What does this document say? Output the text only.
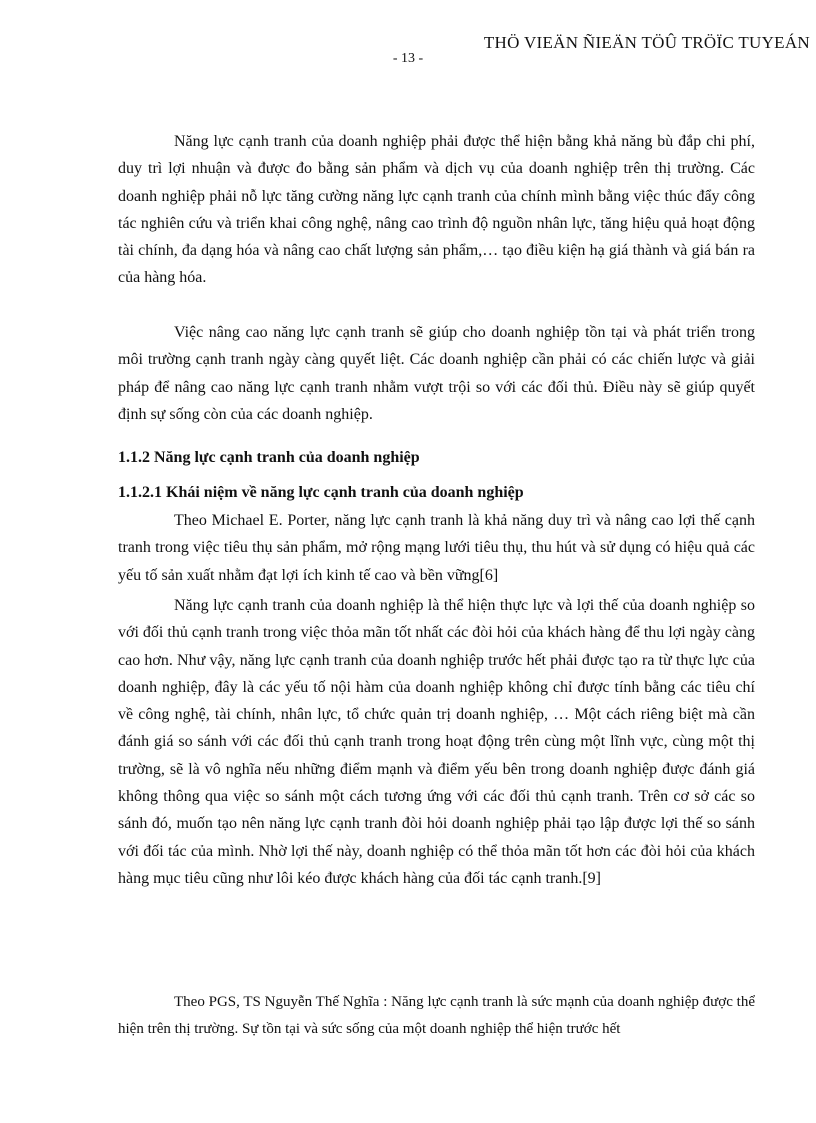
THÖ VIEÄN ÑIEÄN TÖÛ TRÖÏC TUYEÁN
- 13 -

Năng lực cạnh tranh của doanh nghiệp phải được thể hiện bằng khả năng bù đắp chi phí, duy trì lợi nhuận và được đo bằng sản phẩm và dịch vụ của doanh nghiệp trên thị trường. Các doanh nghiệp phải nỗ lực tăng cường năng lực cạnh tranh của chính mình bằng việc thúc đẩy công tác nghiên cứu và triển khai công nghệ, nâng cao trình độ nguồn nhân lực, tăng hiệu quả hoạt động tài chính, đa dạng hóa và nâng cao chất lượng sản phẩm,… tạo điều kiện hạ giá thành và giá bán ra của hàng hóa.

Việc nâng cao năng lực cạnh tranh sẽ giúp cho doanh nghiệp tồn tại và phát triển trong môi trường cạnh tranh ngày càng quyết liệt. Các doanh nghiệp cần phải có các chiến lược và giải pháp để nâng cao năng lực cạnh tranh nhằm vượt trội so với các đối thủ. Điều này sẽ giúp quyết định sự sống còn của các doanh nghiệp.

1.1.2 Năng lực cạnh tranh của doanh nghiệp
1.1.2.1 Khái niệm về năng lực cạnh tranh của doanh nghiệp

Theo Michael E. Porter, năng lực cạnh tranh là khả năng duy trì và nâng cao lợi thế cạnh tranh trong việc tiêu thụ sản phẩm, mở rộng mạng lưới tiêu thụ, thu hút và sử dụng có hiệu quả các yếu tố sản xuất nhằm đạt lợi ích kinh tế cao và bền vững[6]

Năng lực cạnh tranh của doanh nghiệp là thể hiện thực lực và lợi thế của doanh nghiệp so với đối thủ cạnh tranh trong việc thỏa mãn tốt nhất các đòi hỏi của khách hàng để thu lợi ngày càng cao hơn. Như vậy, năng lực cạnh tranh của doanh nghiệp trước hết phải được tạo ra từ thực lực của doanh nghiệp, đây là các yếu tố nội hàm của doanh nghiệp không chỉ được tính bằng các tiêu chí về công nghệ, tài chính, nhân lực, tổ chức quản trị doanh nghiệp, … Một cách riêng biệt mà cần đánh giá so sánh với các đối thủ cạnh tranh trong hoạt động trên cùng một lĩnh vực, cùng một thị trường, sẽ là vô nghĩa nếu những điểm mạnh và điểm yếu bên trong doanh nghiệp được đánh giá không thông qua việc so sánh một cách tương ứng với các đối thủ cạnh tranh. Trên cơ sở các so sánh đó, muốn tạo nên năng lực cạnh tranh đòi hỏi doanh nghiệp phải tạo lập được lợi thế so sánh với đối tác của mình. Nhờ lợi thế này, doanh nghiệp có thể thỏa mãn tốt hơn các đòi hỏi của khách hàng mục tiêu cũng như lôi kéo được khách hàng của đối tác cạnh tranh.[9]

Theo PGS, TS Nguyễn Thế Nghĩa : Năng lực cạnh tranh là sức mạnh của doanh nghiệp được thể hiện trên thị trường. Sự tồn tại và sức sống của một doanh nghiệp thể hiện trước hết
